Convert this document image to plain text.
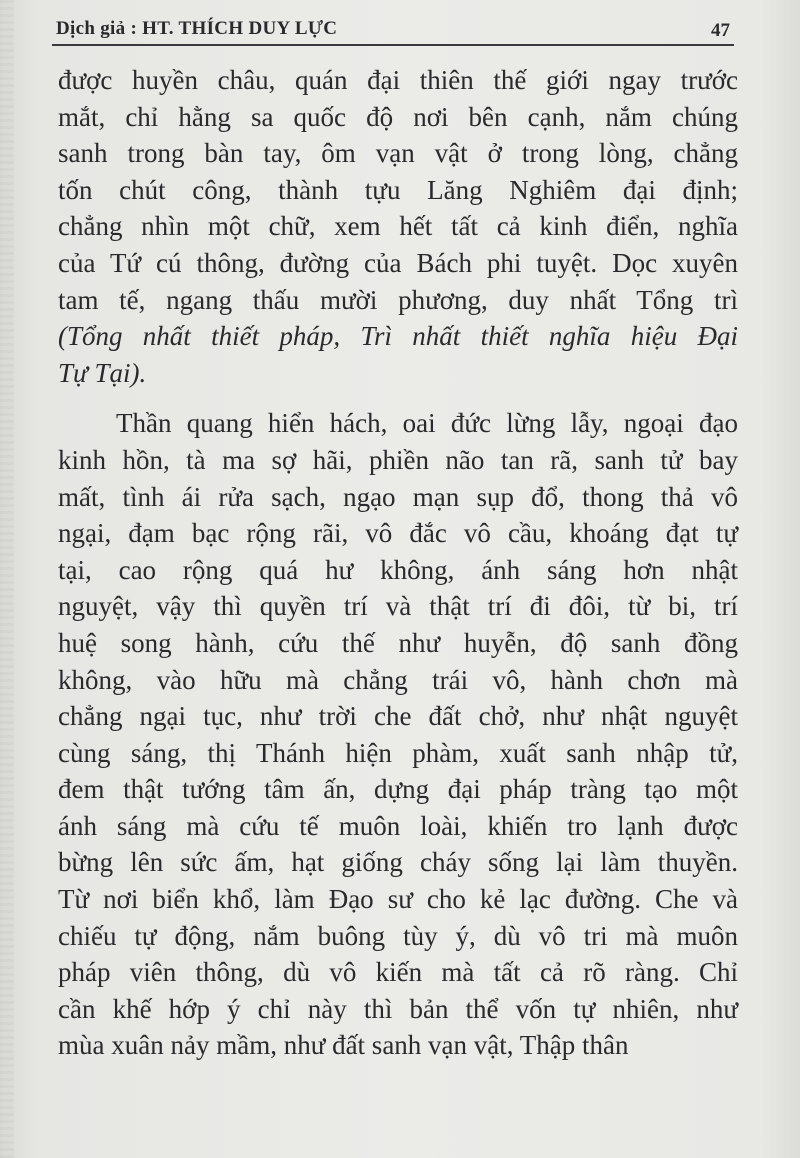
Dịch giả : HT. THÍCH DUY LỰC	47
được huyền châu, quán đại thiên thế giới ngay trước
mắt, chỉ hằng sa quốc độ nơi bên cạnh, nắm chúng
sanh trong bàn tay, ôm vạn vật ở trong lòng, chẳng
tốn chút công, thành tựu Lăng Nghiêm đại định;
chẳng nhìn một chữ, xem hết tất cả kinh điển, nghĩa
của Tứ cú thông, đường của Bách phi tuyệt. Dọc xuyên
tam tế, ngang thấu mười phương, duy nhất Tổng trì
(Tổng nhất thiết pháp, Trì nhất thiết nghĩa hiệu Đại
Tự Tại).
Thần quang hiển hách, oai đức lừng lẫy, ngoại đạo
kinh hồn, tà ma sợ hãi, phiền não tan rã, sanh tử bay
mất, tình ái rửa sạch, ngạo mạn sụp đổ, thong thả vô
ngại, đạm bạc rộng rãi, vô đắc vô cầu, khoáng đạt tự
tại, cao rộng quá hư không, ánh sáng hơn nhật
nguyệt, vậy thì quyền trí và thật trí đi đôi, từ bi, trí
huệ song hành, cứu thế như huyễn, độ sanh đồng
không, vào hữu mà chẳng trái vô, hành chơn mà
chẳng ngại tục, như trời che đất chở, như nhật nguyệt
cùng sáng, thị Thánh hiện phàm, xuất sanh nhập tử,
đem thật tướng tâm ấn, dựng đại pháp tràng tạo một
ánh sáng mà cứu tế muôn loài, khiến tro lạnh được
bừng lên sức ấm, hạt giống cháy sống lại làm thuyền.
Từ nơi biển khổ, làm Đạo sư cho kẻ lạc đường. Che và
chiếu tự động, nắm buông tùy ý, dù vô tri mà muôn
pháp viên thông, dù vô kiến mà tất cả rõ ràng. Chỉ
cần khế hớp ý chỉ này thì bản thể vốn tự nhiên, như
mùa xuân nảy mầm, như đất sanh vạn vật, Thập thân
